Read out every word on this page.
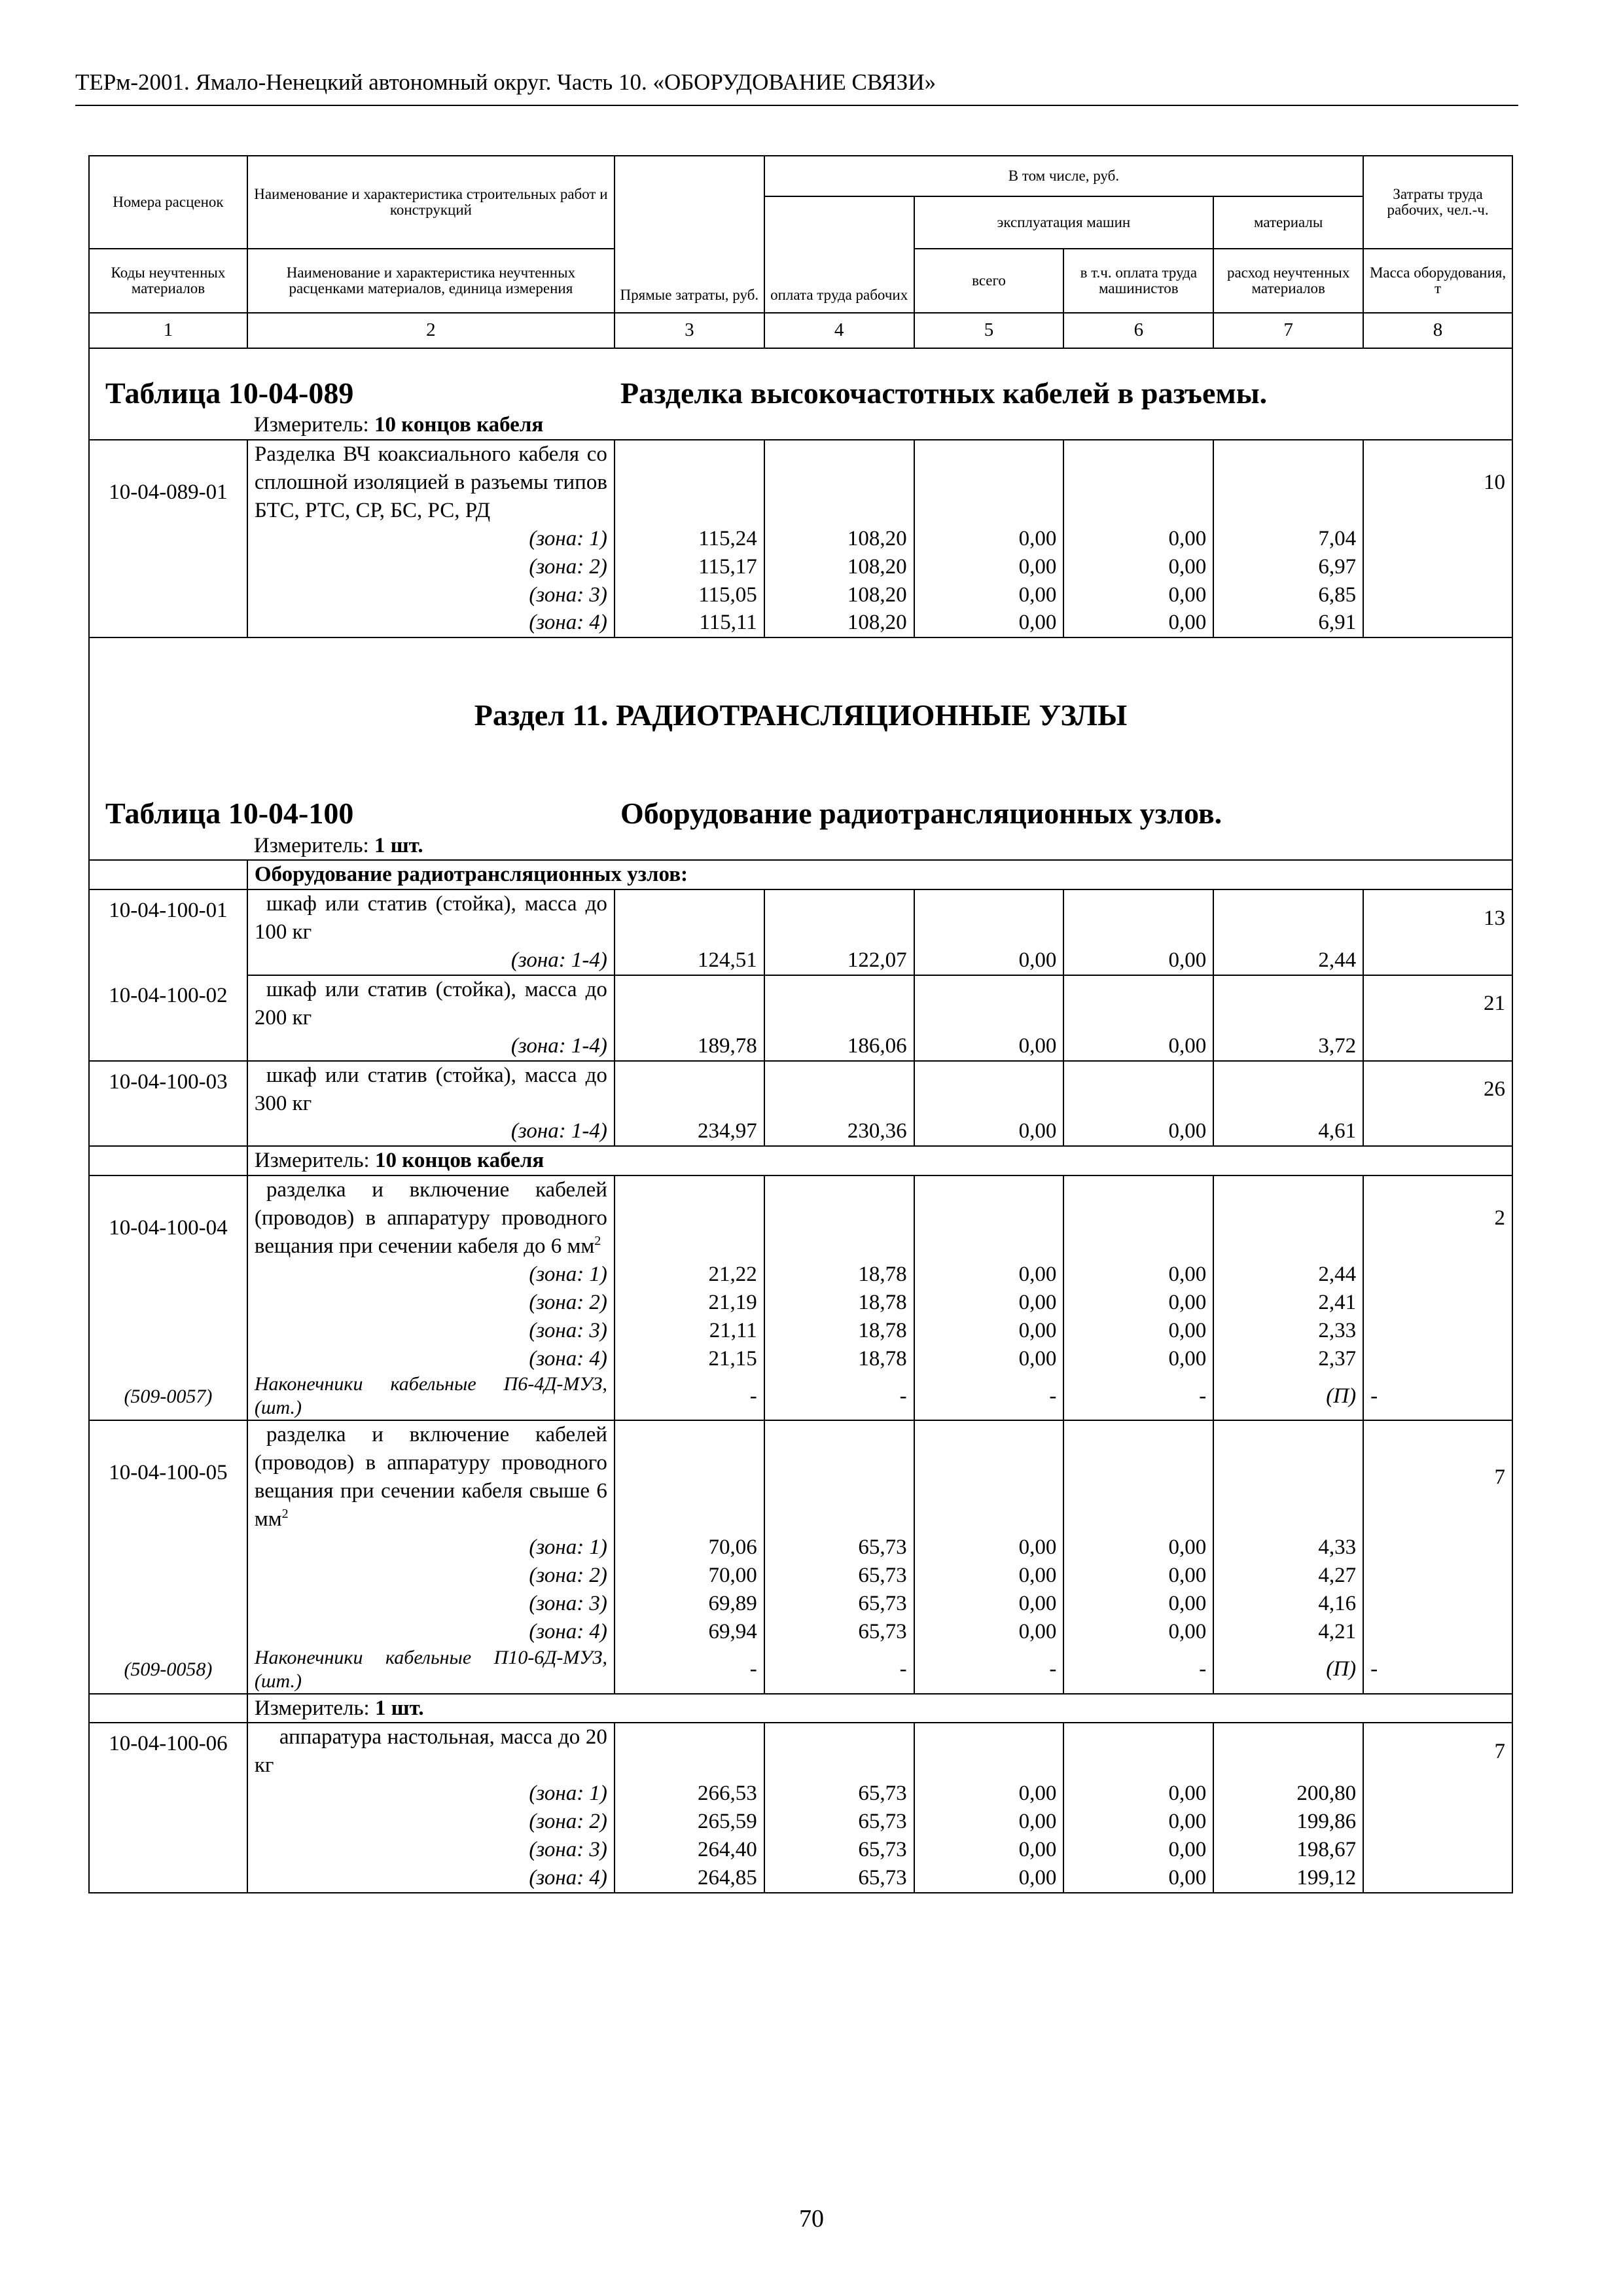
ТЕРм-2001. Ямало-Ненецкий автономный округ. Часть 10. «ОБОРУДОВАНИЕ СВЯЗИ»
Номера расценок	Наименование и характеристика строительных работ и конструкций	Прямые затраты, руб.	В том числе, руб.				Затраты труда рабочих, чел.-ч.
			оплата труда рабочих	эксплуатация машин		материалы	
Коды неучтенных материалов	Наименование и характеристика неучтенных расценками материалов, единица измерения			всего	в т.ч. оплата труда машинистов	расход неучтенных материалов	Масса оборудования, т
1	2	3	4	5	6	7	8
Таблица 10-04-089 Разделка высокочастотных кабелей в разъемы.							

	Измеритель: 10 концов кабеля						
10-04-089-01	Разделка ВЧ коаксиального кабеля со сплошной изоляцией в разъемы типов БТС, РТС, СР, БС, РС, РД						10
	(зона: 1)	115,24	108,20	0,00	0,00	7,04	
	(зона: 2)	115,17	108,20	0,00	0,00	6,97	
	(зона: 3)	115,05	108,20	0,00	0,00	6,85	
	(зона: 4)	115,11	108,20	0,00	0,00	6,91	
Раздел 11. РАДИОТРАНСЛЯЦИОННЫЕ УЗЛЫ							
Таблица 10-04-100 Оборудование радиотрансляционных узлов.							

	Измеритель: 1 шт.						
	Оборудование радиотрансляционных узлов:						
10-04-100-01	шкаф или статив (стойка), масса до 100 кг						13
	(зона: 1-4)	124,51	122,07	0,00	0,00	2,44	
10-04-100-02	шкаф или статив (стойка), масса до 200 кг						21
	(зона: 1-4)	189,78	186,06	0,00	0,00	3,72	
10-04-100-03	шкаф или статив (стойка), масса до 300 кг						26
	(зона: 1-4)	234,97	230,36	0,00	0,00	4,61	
	Измеритель: 10 концов кабеля						
10-04-100-04	разделка и включение кабелей (проводов) в аппаратуру проводного вещания при сечении кабеля до 6 $мм^2$						2
	(зона: 1)	21,22	18,78	0,00	0,00	2,44	
	(зона: 2)	21,19	18,78	0,00	0,00	2,41	
	(зона: 3)	21,11	18,78	0,00	0,00	2,33	
	(зона: 4)	21,15	18,78	0,00	0,00	2,37	
(509-0057)	Наконечники кабельные П6-4Д-МУЗ, (шт.)	-	-	-	-	(П)	-
10-04-100-05	разделка и включение кабелей (проводов) в аппаратуру проводного вещания при сечении кабеля свыше 6 $мм^2$						7
	(зона: 1)	70,06	65,73	0,00	0,00	4,33	
	(зона: 2)	70,00	65,73	0,00	0,00	4,27	
	(зона: 3)	69,89	65,73	0,00	0,00	4,16	
	(зона: 4)	69,94	65,73	0,00	0,00	4,21	
(509-0058)	Наконечники кабельные П10-6Д-МУЗ, (шт.)	-	-	-	-	(П)	-
	Измеритель: 1 шт.						
10-04-100-06	аппаратура настольная, масса до 20 кг						7
	(зона: 1)	266,53	65,73	0,00	0,00	200,80	
	(зона: 2)	265,59	65,73	0,00	0,00	199,86	
	(зона: 3)	264,40	65,73	0,00	0,00	198,67	
	(зона: 4)	264,85	65,73	0,00	0,00	199,12	
70
